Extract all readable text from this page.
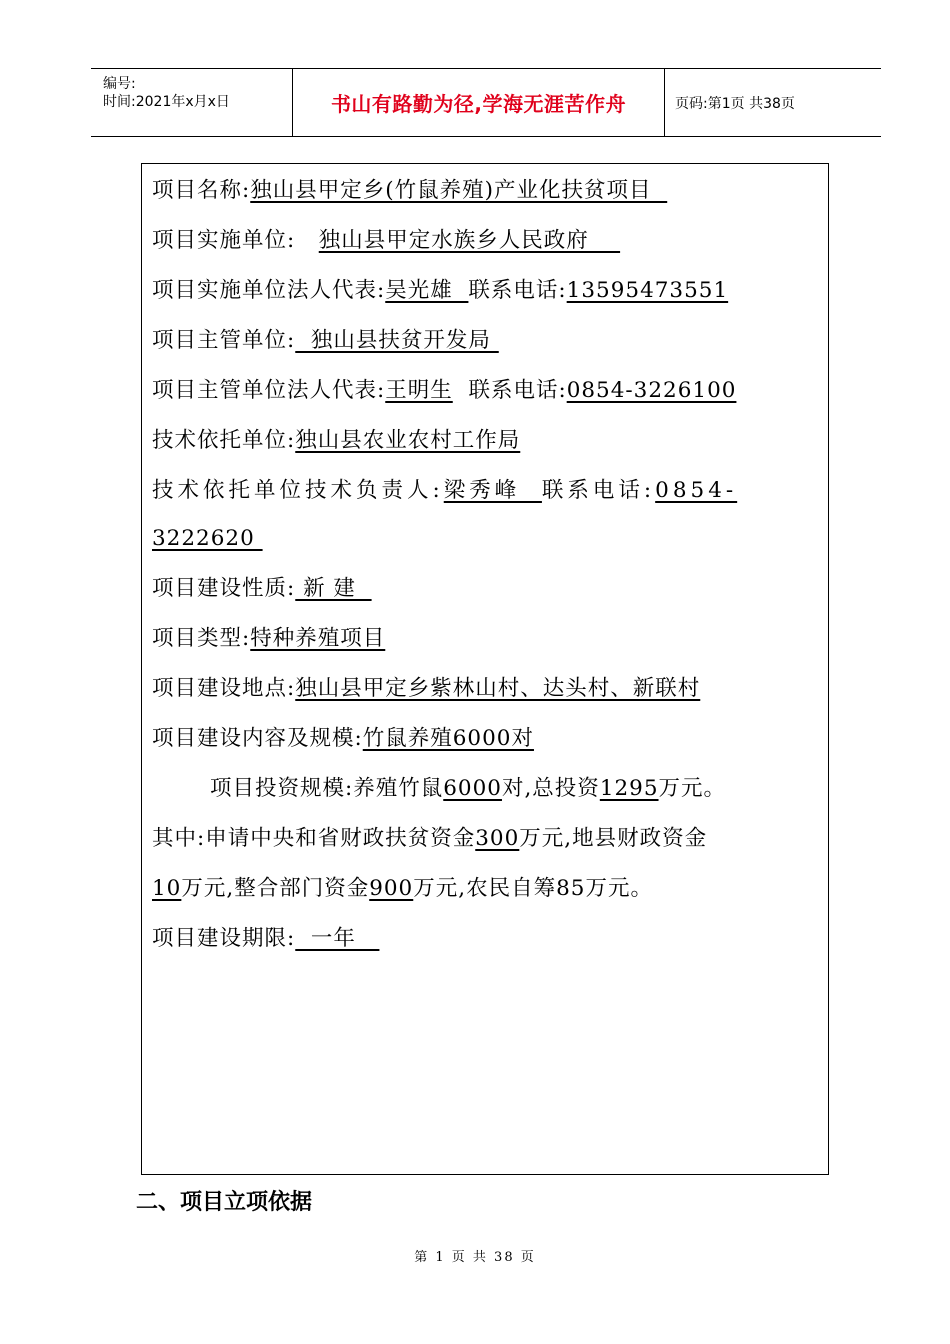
编号:
时间:2021年x月x日	书山有路勤为径,学海无涯苦作舟	页码:第1页 共38页
项目名称:独山县甲定乡(竹鼠养殖)产业化扶贫项目
项目实施单位:   独山县甲定水族乡人民政府
项目实施单位法人代表:吴光雄  联系电话:13595473551
项目主管单位:  独山县扶贫开发局
项目主管单位法人代表:王明生 联系电话:0854-3226100
技术依托单位:独山县农业农村工作局
技术依托单位技术负责人:梁秀峰  联系电话:0854-
3222620
项目建设性质: 新 建
项目类型:特种养殖项目
项目建设地点:独山县甲定乡紫林山村、达头村、新联村
项目建设内容及规模:竹鼠养殖6000对
项目投资规模:养殖竹鼠6000对,总投资1295万元。
其中:申请中央和省财政扶贫资金300万元,地县财政资金
10万元,整合部门资金900万元,农民自筹85万元。
项目建设期限:  一年
二、项目立项依据
第 1 页 共 38 页
